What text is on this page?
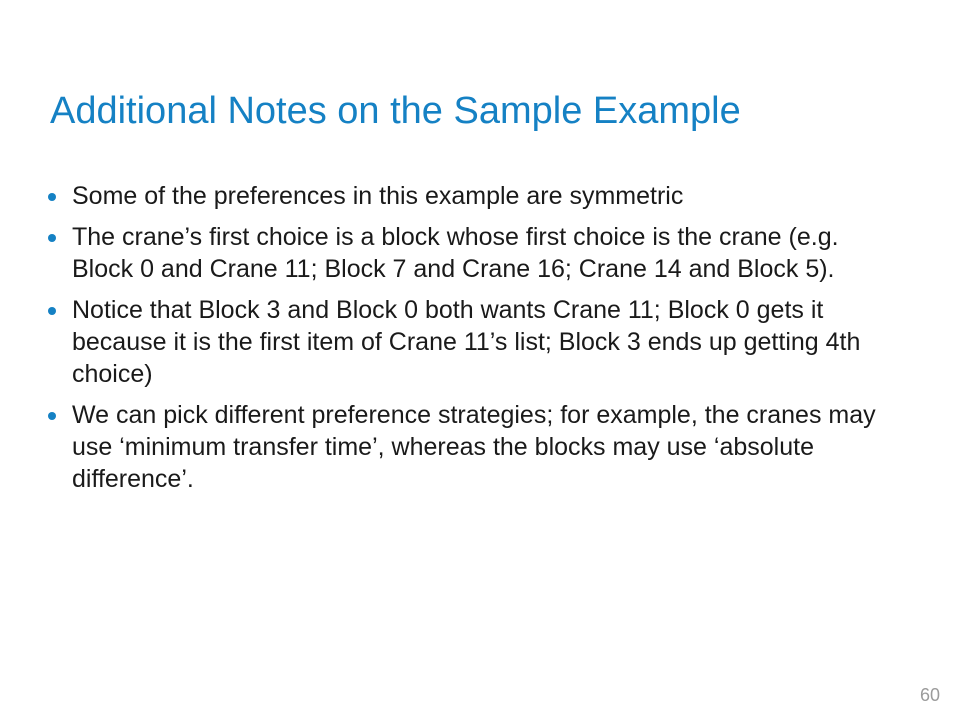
Additional Notes on the Sample Example
Some of the preferences in this example are symmetric
The crane’s first choice is a block whose first choice is the crane (e.g. Block 0 and Crane 11; Block 7 and Crane 16; Crane 14 and Block 5).
Notice that Block 3 and Block 0 both wants Crane 11; Block 0 gets it because it is the first item of Crane 11’s list; Block 3 ends up getting 4th choice)
We can pick different preference strategies; for example, the cranes may use ‘minimum transfer time’, whereas the blocks may use ‘absolute difference’.
60
